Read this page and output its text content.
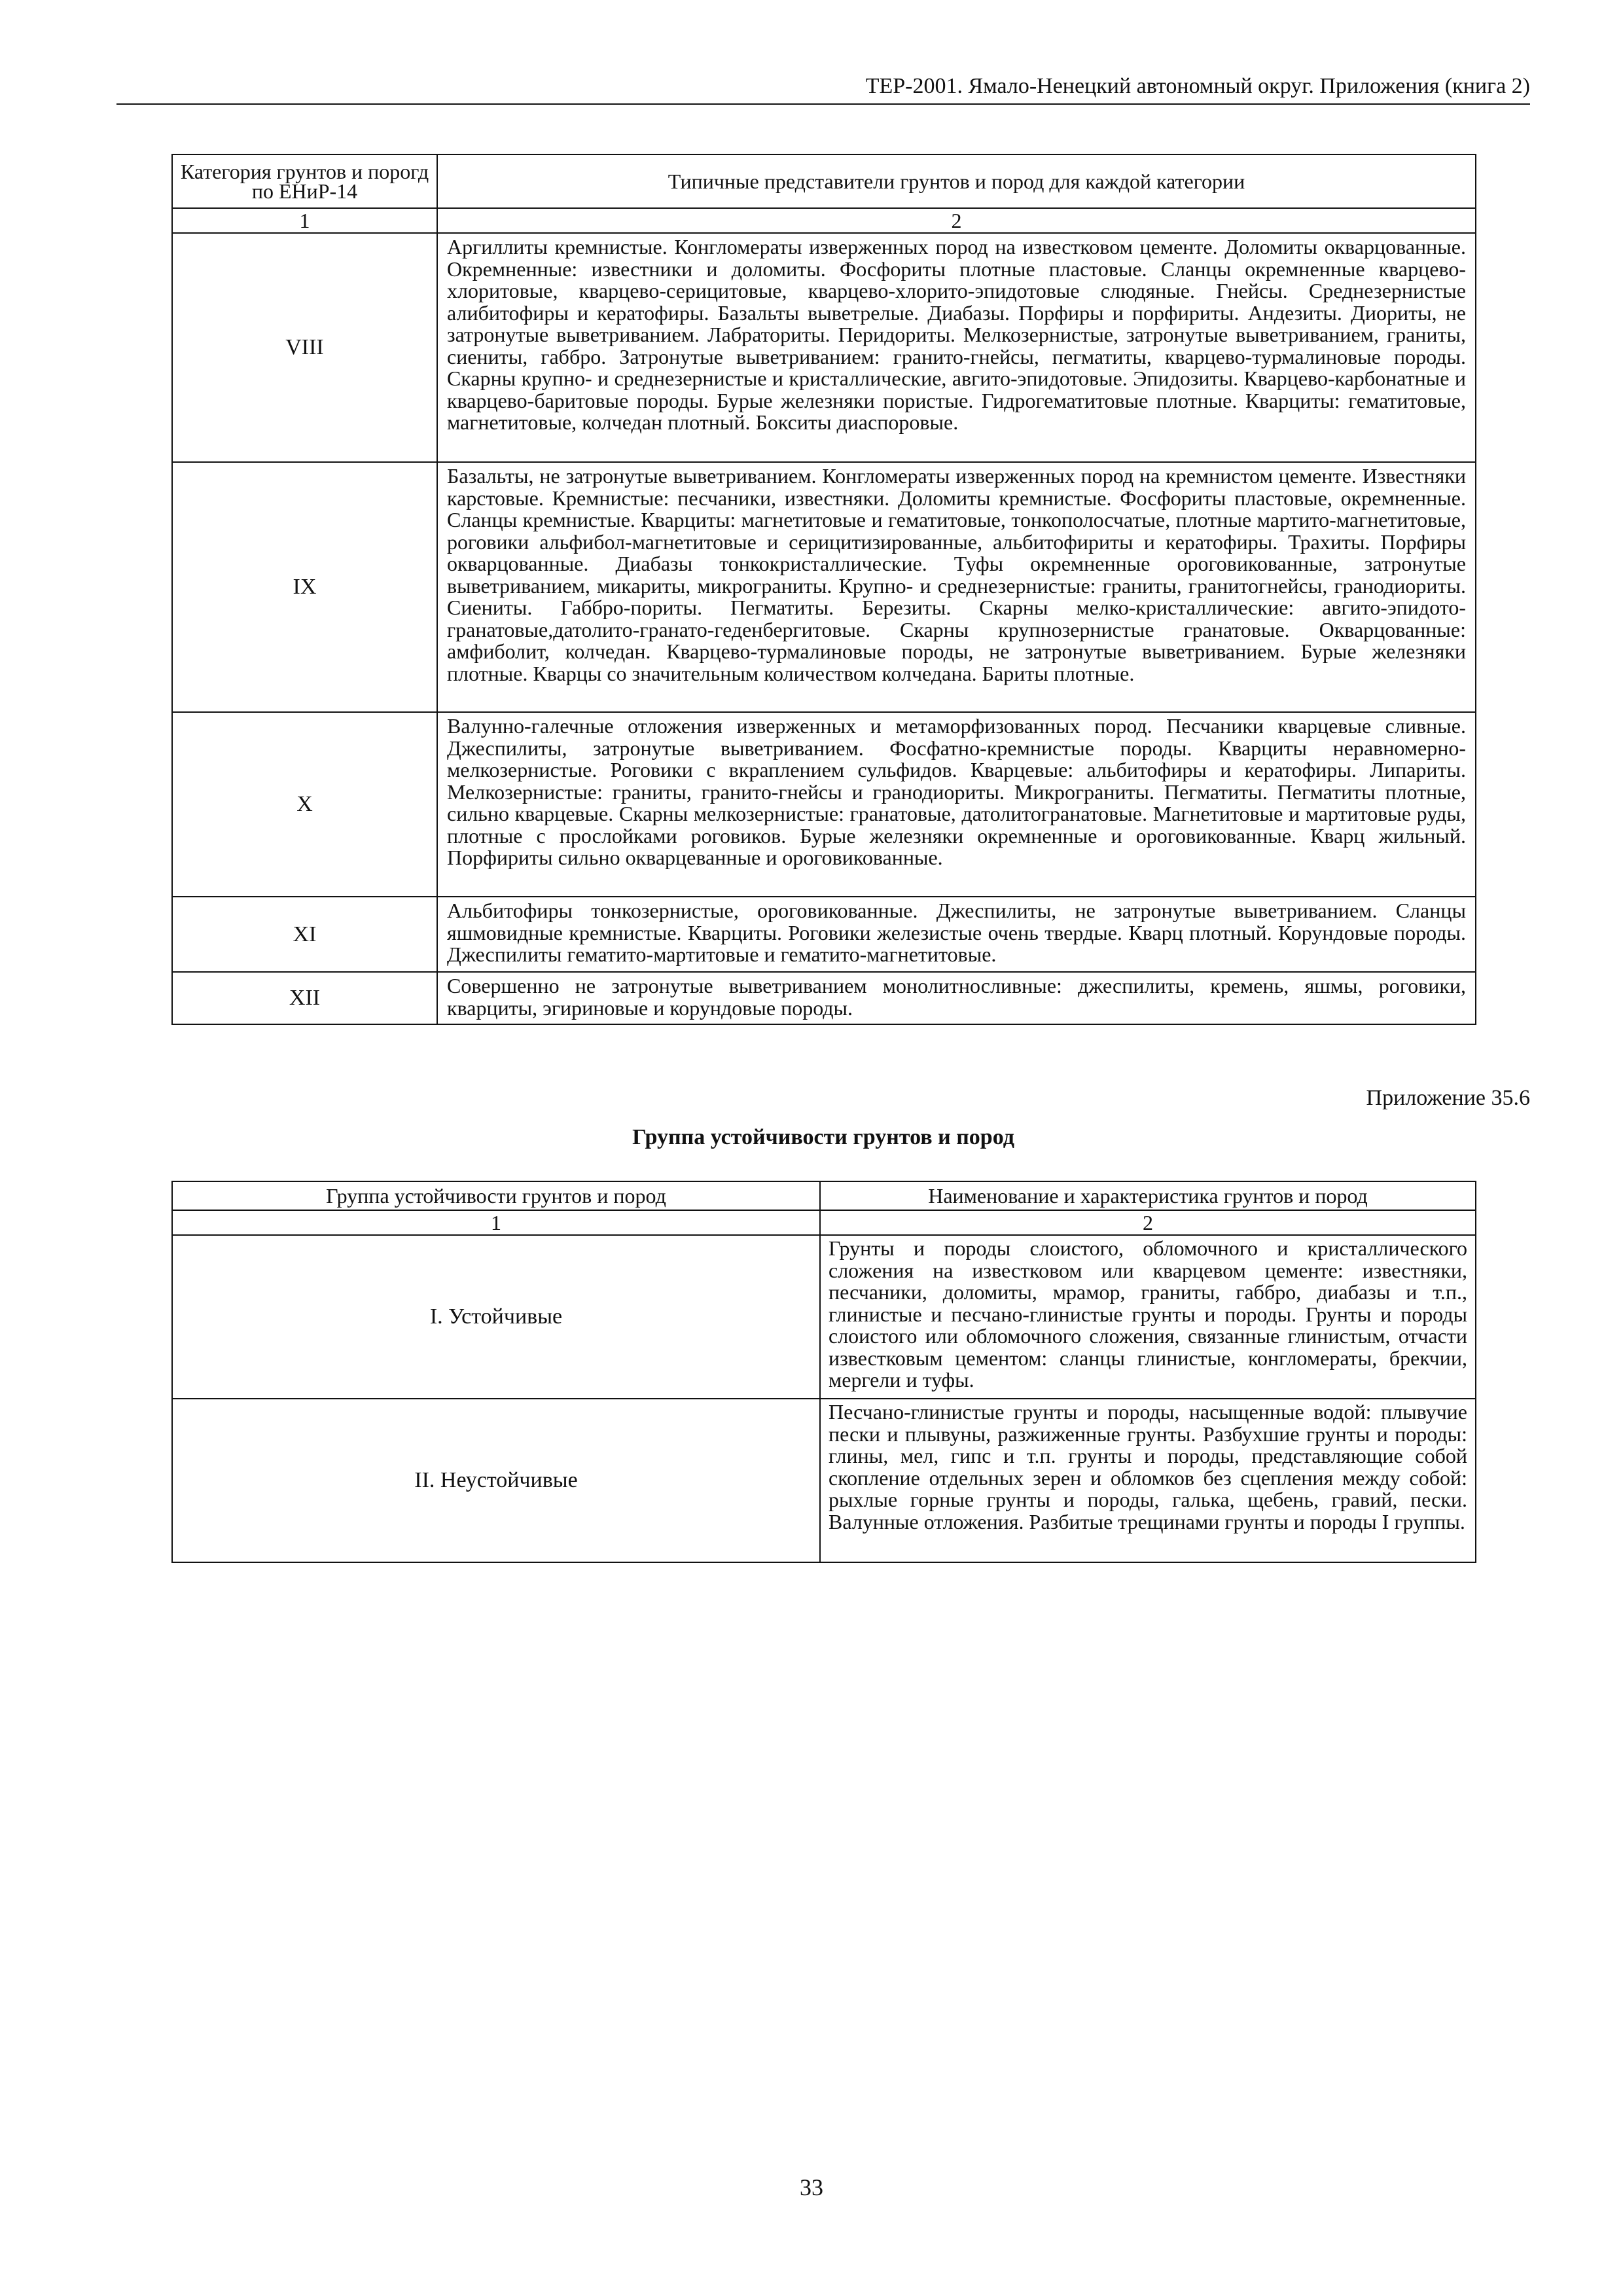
ТЕР-2001. Ямало-Ненецкий автономный округ. Приложения (книга 2)
Категория грунтов и порогд по ЕНиР-14	Типичные представители грунтов и пород для каждой категории
1	2
VIII	Аргиллиты кремнистые. Конгломераты изверженных пород на известковом цементе. Доломиты окварцованные. Окремненные: известники и доломиты. Фосфориты плотные пластовые. Сланцы окремненные кварцево-хлоритовые, кварцево-серицитовые, кварцево-хлорито-эпидотовые слюдяные. Гнейсы. Среднезернистые алибитофиры и кератофиры. Базальты выветрелые. Диабазы. Порфиры и порфириты. Андезиты. Диориты, не затронутые выветриванием. Лабраториты. Перидориты. Мелкозернистые, затронутые выветриванием, граниты, сиениты, габбро. Затронутые выветриванием: гранито-гнейсы, пегматиты, кварцево-турмалиновые породы. Скарны крупно- и среднезернистые и кристаллические, авгито-эпидотовые. Эпидозиты. Кварцево-карбонатные и кварцево-баритовые породы. Бурые железняки пористые. Гидрогематитовые плотные. Кварциты: гематитовые, магнетитовые, колчедан плотный. Бокситы диаспоровые.
IX	Базальты, не затронутые выветриванием. Конгломераты изверженных пород на кремнистом цементе. Известняки карстовые. Кремнистые: песчаники, известняки. Доломиты кремнистые. Фосфориты пластовые, окремненные. Сланцы кремнистые. Кварциты: магнетитовые и гематитовые, тонкополосчатые, плотные мартито-магнетитовые, роговики альфибол-магнетитовые и серицитизированные, альбитофириты и кератофиры. Трахиты. Порфиры окварцованные. Диабазы тонкокристаллические. Туфы окремненные ороговикованные, затронутые выветриванием, микариты, микрограниты. Крупно- и среднезернистые: граниты, гранитогнейсы, гранодиориты. Сиениты. Габбро-пориты. Пегматиты. Березиты. Скарны мелко-кристаллические: авгито-эпидотогранатовые,датолито-гранато-геденбергитовые. Скарны крупнозернистые гранатовые. Окварцованные: амфиболит, колчедан. Кварцево-турмалиновые породы, не затронутые выветриванием. Бурые железняки плотные. Кварцы со значительным количеством колчедана. Бариты плотные.
X	Валунно-галечные отложения изверженных и метаморфизованных пород. Песчаники кварцевые сливные. Джеспилиты, затронутые выветриванием. Фосфатно-кремнистые породы. Кварциты неравномерно-мелкозернистые. Роговики с вкраплением сульфидов. Кварцевые: альбитофиры и кератофиры. Липариты. Мелкозернистые: граниты, гранито-гнейсы и гранодиориты. Микрограниты. Пегматиты. Пегматиты плотные, сильно кварцевые. Скарны мелкозернистые: гранатовые, датолитогранатовые. Магнетитовые и мартитовые руды, плотные с прослойками роговиков. Бурые железняки окремненные и ороговикованные. Кварц жильный. Порфириты сильно окварцеванные и ороговикованные.
XI	Альбитофиры тонкозернистые, ороговикованные. Джеспилиты, не затронутые выветриванием. Сланцы яшмовидные кремнистые. Кварциты. Роговики железистые очень твердые. Кварц плотный. Корундовые породы. Джеспилиты гематито-мартитовые и гематито-магнетитовые.
XII	Совершенно не затронутые выветриванием монолитносливные: джеспилиты, кремень, яшмы, роговики, кварциты, эгириновые и корундовые породы.
Приложение 35.6
Группа устойчивости грунтов и пород
Группа устойчивости грунтов и пород	Наименование и характеристика грунтов и пород
1	2
I. Устойчивые	Грунты и породы слоистого, обломочного и кристаллического сложения на известковом или кварцевом цементе: известняки, песчаники, доломиты, мрамор, граниты, габбро, диабазы и т.п., глинистые и песчано-глинистые грунты и породы. Грунты и породы слоистого или обломочного сложения, связанные глинистым, отчасти известковым цементом: сланцы глинистые, конгломераты, брекчии, мергели и туфы.
II. Неустойчивые	Песчано-глинистые грунты и породы, насыщенные водой: плывучие пески и плывуны, разжиженные грунты. Разбухшие грунты и породы: глины, мел, гипс и т.п. грунты и породы, представляющие собой скопление отдельных зерен и обломков без сцепления между собой: рыхлые горные грунты и породы, галька, щебень, гравий, пески. Валунные отложения. Разбитые трещинами грунты и породы I группы.
33
